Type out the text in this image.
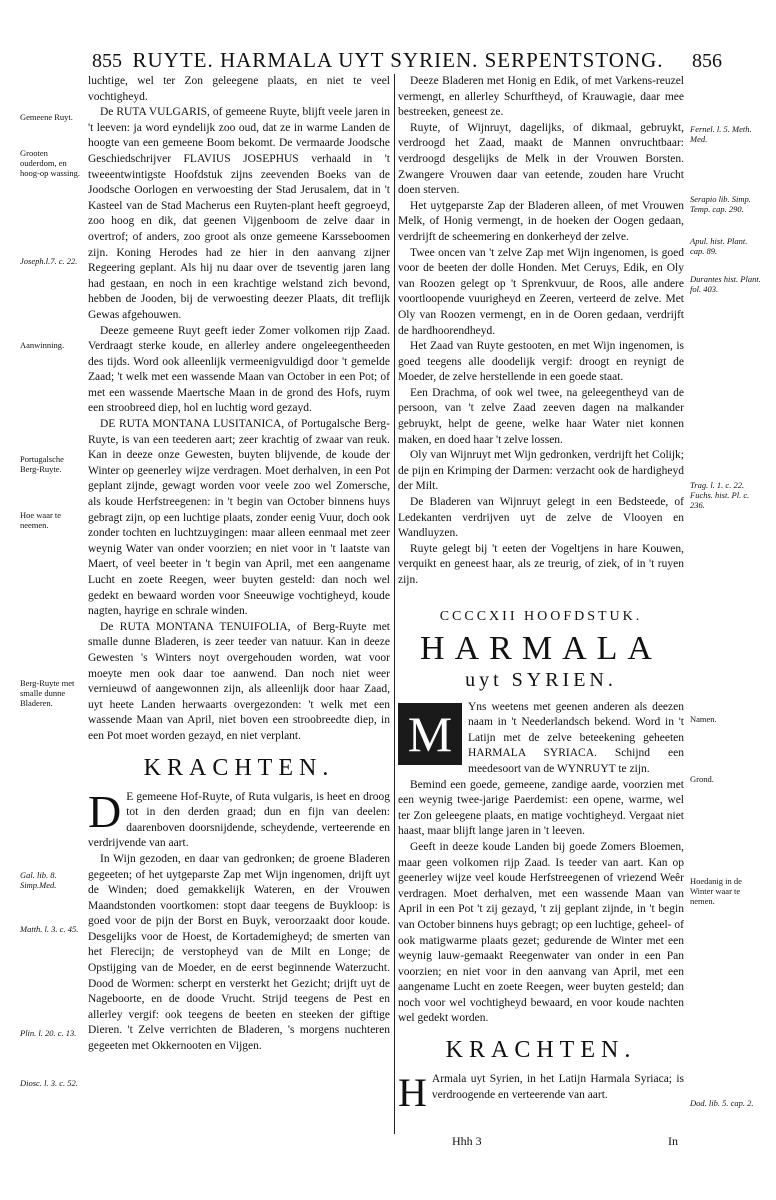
855 RUYTE. HARMALA UYT SYRIEN. SERPENTSTONG.	856
Gemeene Ruyt.
Grooten ouderdom, en hoog-op wassing.
Joseph.l.7. c. 22.
Aanwinning.
Portugalsche Berg-Ruyte.
Hoe waar te neemen.
Berg-Ruyte met smalle dunne Bladeren.
Gal. lib. 8. Simp.Med.
Matth. l. 3. c. 45.
Plin. l. 20. c. 13.
Diosc. l. 3. c. 52.
Fernel. l. 5. Meth. Med.
Serapio lib. Simp. Temp. cap. 290.
Apul. hist. Plant. cap. 89.
Durantes hist. Plant. fol. 403.
Trag. l. 1. c. 22. Fuchs. hist. Pl. c. 236.
Namen.
Grond.
Hoedanig in de Winter waar te nemen.
Dod. lib. 5. cap. 2.

luchtige, wel ter Zon geleegene plaats, en niet te veel vochtigheyd.

De RUTA VULGARIS, of gemeene Ruyte, blijft veele jaren in 't leeven: ja word eyndelijk zoo oud, dat ze in warme Landen de hoogte van een gemeene Boom bekomt. De vermaarde Joodsche Geschiedschrijver FLAVIUS JOSEPHUS verhaald in 't tweeentwintigste Hoofdstuk zijns zeevenden Boeks van de Joodsche Oorlogen en verwoesting der Stad Jerusalem, dat in 't Kasteel van de Stad Macherus een Ruyten-plant heeft gegroeyd, zoo hoog en dik, dat geenen Vijgenboom de zelve daar in overtrof; of anders, zoo groot als onze gemeene Karsseboomen zijn. Koning Herodes had ze hier in den aanvang zijner Regeering geplant. Als hij nu daar over de tseventig jaren lang had gestaan, en noch in een krachtige welstand zich bevond, hebben de Jooden, bij de verwoesting deezer Plaats, dit treflijk Gewas afgehouwen.

Deeze gemeene Ruyt geeft ieder Zomer volkomen rijp Zaad. Verdraagt sterke koude, en allerley andere ongeleegentheeden des tijds. Word ook alleenlijk vermeenigvuldigd door 't gemelde Zaad; 't welk met een wassende Maan van October in een Pot; of met een wassende Maertsche Maan in de grond des Hofs, ruym een stroobreed diep, hol en luchtig word gezayd.

DE RUTA MONTANA LUSITANICA, of Portugalsche Berg-Ruyte, is van een teederen aart; zeer krachtig of zwaar van reuk. Kan in deeze onze Gewesten, buyten blijvende, de koude der Winter op geenerley wijze verdragen. Moet derhalven, in een Pot geplant zijnde, gewagt worden voor veele zoo wel Zomersche, als koude Herfstreegenen: in 't begin van October binnens huys gebragt zijn, op een luchtige plaats, zonder eenig Vuur, doch ook zonder tochten en luchtzuygingen: maar alleen eenmaal met zeer weynig Water van onder voorzien; en niet voor in 't laatste van Maert, of veel beeter in 't begin van April, met een aangename Lucht en zoete Reegen, weer buyten gesteld: dan noch wel gedekt en bewaard worden voor Sneeuwige vochtigheyd, koude nagten, hayrige en schrale winden.

De RUTA MONTANA TENUIFOLIA, of Berg-Ruyte met smalle dunne Bladeren, is zeer teeder van natuur. Kan in deeze Gewesten 's Winters noyt overgehouden worden, wat voor moeyte men ook daar toe aanwend. Dan noch niet weer vernieuwd of aangewonnen zijn, als alleenlijk door haar Zaad, uyt heete Landen herwaarts overgezonden: 't welk met een wassende Maan van April, niet boven een stroobreedte diep, in een Pot moet worden gezayd, en niet verplant.

KRACHTEN.

D E gemeene Hof-Ruyte, of Ruta vulgaris, is heet en droog tot in den derden graad; dun en fijn van deelen: daarenboven doorsnijdende, scheydende, verteerende en verdrijvende van aart.

In Wijn gezoden, en daar van gedronken; de groene Bladeren gegeeten; of het uytgeparste Zap met Wijn ingenomen, drijft uyt de Winden; doed gemakkelijk Wateren, en der Vrouwen Maandstonden voortkomen: stopt daar teegens de Buykloop: is goed voor de pijn der Borst en Buyk, veroorzaakt door koude. Desgelijks voor de Hoest, de Kortademigheyd; de smerten van het Flerecijn; de verstopheyd van de Milt en Longe; de Opstijging van de Moeder, en de eerst beginnende Waterzucht. Dood de Wormen: scherpt en versterkt het Gezicht; drijft uyt de Nageboorte, en de doode Vrucht. Strijd teegens de Pest en allerley vergif: ook teegens de beeten en steeken der giftige Dieren. 't Zelve verrichten de Bladeren, 's morgens nuchteren gegeeten met Okkernooten en Vijgen.

Deeze Bladeren met Honig en Edik, of met Varkens-reuzel vermengt, en allerley Schurftheyd, of Krauwagie, daar mee bestreeken, geneest ze.

Ruyte, of Wijnruyt, dagelijks, of dikmaal, gebruykt, verdroogd het Zaad, maakt de Mannen onvruchtbaar: verdroogd desgelijks de Melk in der Vrouwen Borsten. Zwangere Vrouwen daar van eetende, zouden hare Vrucht doen sterven.

Het uytgeparste Zap der Bladeren alleen, of met Vrouwen Melk, of Honig vermengt, in de hoeken der Oogen gedaan, verdrijft de scheemering en donkerheyd der zelve.

Twee oncen van 't zelve Zap met Wijn ingenomen, is goed voor de beeten der dolle Honden. Met Ceruys, Edik, en Oly van Roozen gelegt op 't Sprenkvuur, de Roos, alle andere voortloopende vuurigheyd en Zeeren, verteerd de zelve. Met Oly van Roozen vermengt, en in de Ooren gedaan, verdrijft de hardhoorendheyd.

Het Zaad van Ruyte gestooten, en met Wijn ingenomen, is goed teegens alle doodelijk vergif: droogt en reynigt de Moeder, de zelve herstellende in een goede staat.

Een Drachma, of ook wel twee, na geleegentheyd van de persoon, van 't zelve Zaad zeeven dagen na malkander gebruykt, helpt de geene, welke haar Water niet konnen maken, en doed haar 't zelve lossen.

Oly van Wijnruyt met Wijn gedronken, verdrijft het Colijk; de pijn en Krimping der Darmen: verzacht ook de hardigheyd der Milt.

De Bladeren van Wijnruyt gelegt in een Bedsteede, of Ledekanten verdrijven uyt de zelve de Vlooyen en Wandluyzen.

Ruyte gelegt bij 't eeten der Vogeltjens in hare Kouwen, verquikt en geneest haar, als ze treurig, of ziek, of in 't ruyen zijn.

CCCCXII HOOFDSTUK.
HARMALA
uyt SYRIEN.

M	Yns weetens met geenen anderen als deezen naam in 't Neederlandsch bekend. Word in 't Latijn met de zelve beteekening geheeten HARMALA SYRIACA. Schijnd een meedesoort van de WYNRUYT te zijn.

Bemind een goede, gemeene, zandige aarde, voorzien met een weynig twee-jarige Paerdemist: een opene, warme, wel ter Zon geleegene plaats, en matige vochtigheyd. Vergaat niet haast, maar blijft lange jaren in 't leeven.

Geeft in deeze koude Landen bij goede Zomers Bloemen, maar geen volkomen rijp Zaad. Is teeder van aart. Kan op geenerley wijze veel koude Herfstreegenen of vriezend Weêr verdragen. Moet derhalven, met een wassende Maan van April in een Pot 't zij gezayd, 't zij geplant zijnde, in 't begin van October binnens huys gebragt; op een luchtige, geheel- of ook matigwarme plaats gezet; gedurende de Winter met een weynig lauw-gemaakt Reegenwater van onder in een Pan voorzien; en niet voor in den aanvang van April, met een aangename Lucht en zoete Reegen, weer buyten gesteld; dan noch voor wel vochtigheyd bewaard, en voor koude nachten wel gedekt worden.

KRACHTEN.

H Armala uyt Syrien, in het Latijn Harmala Syriaca; is verdroogende en verteerende van aart.

Hhh 3	In
